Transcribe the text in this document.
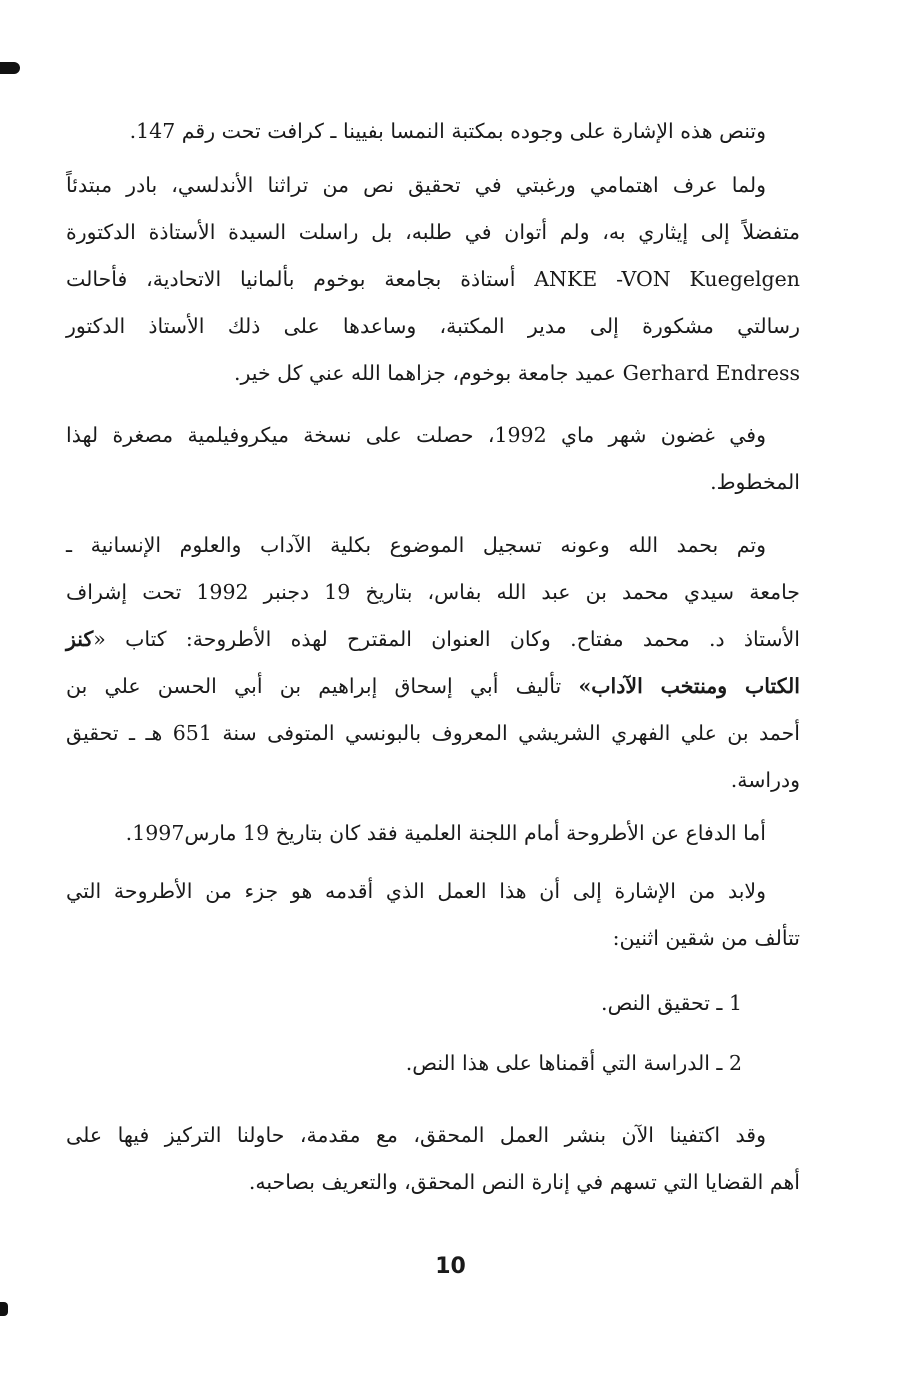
وتنص هذه الإشارة على وجوده بمكتبة النمسا بفيينا ـ كرافت تحت رقم 147.
ولما عرف اهتمامي ورغبتي في تحقيق نص من تراثنا الأندلسي، بادر مبتدئاً
متفضلاً إلى إيثاري به، ولم أتوان في طلبه، بل راسلت السيدة الأستاذة الدكتورة
ANKE -VON Kuegelgen أستاذة بجامعة بوخوم بألمانيا الاتحادية، فأحالت
رسالتي مشكورة إلى مدير المكتبة، وساعدها على ذلك الأستاذ الدكتور
Gerhard Endress عميد جامعة بوخوم، جزاهما الله عني كل خير.
وفي غضون شهر ماي 1992، حصلت على نسخة ميكروفيلمية مصغرة لهذا
المخطوط.
وتم بحمد الله وعونه تسجيل الموضوع بكلية الآداب والعلوم الإنسانية ـ
جامعة سيدي محمد بن عبد الله بفاس، بتاريخ 19 دجنبر 1992 تحت إشراف
الأستاذ د. محمد مفتاح. وكان العنوان المقترح لهذه الأطروحة: كتاب «كنز
الكتاب ومنتخب الآداب» تأليف أبي إسحاق إبراهيم بن أبي الحسن علي بن
أحمد بن علي الفهري الشريشي المعروف بالبونسي المتوفى سنة 651 هـ ـ تحقيق
ودراسة.
أما الدفاع عن الأطروحة أمام اللجنة العلمية فقد كان بتاريخ 19 مارس1997.
ولابد من الإشارة إلى أن هذا العمل الذي أقدمه هو جزء من الأطروحة التي
تتألف من شقين اثنين:
1 ـ تحقيق النص.
2 ـ الدراسة التي أقمناها على هذا النص.
وقد اكتفينا الآن بنشر العمل المحقق، مع مقدمة، حاولنا التركيز فيها على
أهم القضايا التي تسهم في إنارة النص المحقق، والتعريف بصاحبه.
10
